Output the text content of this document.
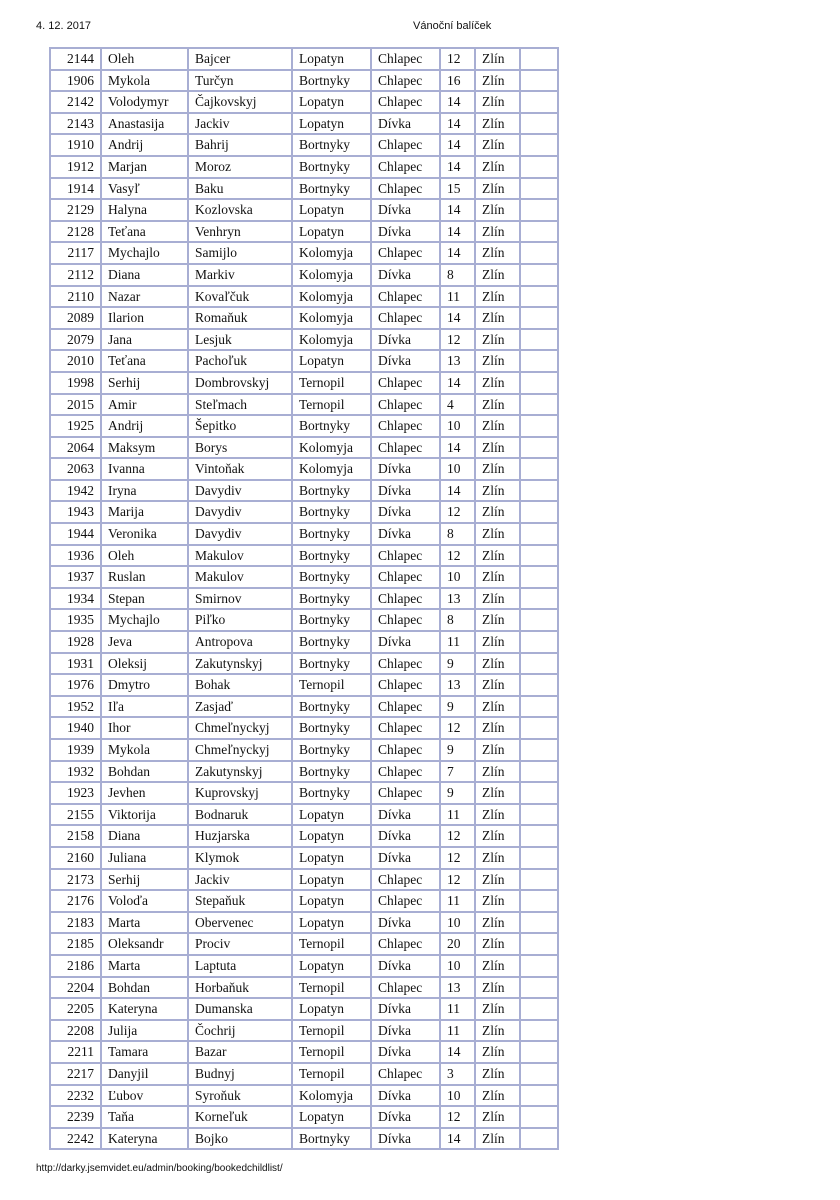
4. 12. 2017	Vánoční balíček
2144	Oleh	Bajcer	Lopatyn	Chlapec	12	Zlín	
1906	Mykola	Turčyn	Bortnyky	Chlapec	16	Zlín	
2142	Volodymyr	Čajkovskyj	Lopatyn	Chlapec	14	Zlín	
2143	Anastasija	Jackiv	Lopatyn	Dívka	14	Zlín	
1910	Andrij	Bahrij	Bortnyky	Chlapec	14	Zlín	
1912	Marjan	Moroz	Bortnyky	Chlapec	14	Zlín	
1914	Vasyľ	Baku	Bortnyky	Chlapec	15	Zlín	
2129	Halyna	Kozlovska	Lopatyn	Dívka	14	Zlín	
2128	Teťana	Venhryn	Lopatyn	Dívka	14	Zlín	
2117	Mychajlo	Samijlo	Kolomyja	Chlapec	14	Zlín	
2112	Diana	Markiv	Kolomyja	Dívka	8	Zlín	
2110	Nazar	Kovaľčuk	Kolomyja	Chlapec	11	Zlín	
2089	Ilarion	Romaňuk	Kolomyja	Chlapec	14	Zlín	
2079	Jana	Lesjuk	Kolomyja	Dívka	12	Zlín	
2010	Teťana	Pachoľuk	Lopatyn	Dívka	13	Zlín	
1998	Serhij	Dombrovskyj	Ternopil	Chlapec	14	Zlín	
2015	Amir	Steľmach	Ternopil	Chlapec	4	Zlín	
1925	Andrij	Šepitko	Bortnyky	Chlapec	10	Zlín	
2064	Maksym	Borys	Kolomyja	Chlapec	14	Zlín	
2063	Ivanna	Vintoňak	Kolomyja	Dívka	10	Zlín	
1942	Iryna	Davydiv	Bortnyky	Dívka	14	Zlín	
1943	Marija	Davydiv	Bortnyky	Dívka	12	Zlín	
1944	Veronika	Davydiv	Bortnyky	Dívka	8	Zlín	
1936	Oleh	Makulov	Bortnyky	Chlapec	12	Zlín	
1937	Ruslan	Makulov	Bortnyky	Chlapec	10	Zlín	
1934	Stepan	Smirnov	Bortnyky	Chlapec	13	Zlín	
1935	Mychajlo	Piľko	Bortnyky	Chlapec	8	Zlín	
1928	Jeva	Antropova	Bortnyky	Dívka	11	Zlín	
1931	Oleksij	Zakutynskyj	Bortnyky	Chlapec	9	Zlín	
1976	Dmytro	Bohak	Ternopil	Chlapec	13	Zlín	
1952	Iľa	Zasjaď	Bortnyky	Chlapec	9	Zlín	
1940	Ihor	Chmeľnyckyj	Bortnyky	Chlapec	12	Zlín	
1939	Mykola	Chmeľnyckyj	Bortnyky	Chlapec	9	Zlín	
1932	Bohdan	Zakutynskyj	Bortnyky	Chlapec	7	Zlín	
1923	Jevhen	Kuprovskyj	Bortnyky	Chlapec	9	Zlín	
2155	Viktorija	Bodnaruk	Lopatyn	Dívka	11	Zlín	
2158	Diana	Huzjarska	Lopatyn	Dívka	12	Zlín	
2160	Juliana	Klymok	Lopatyn	Dívka	12	Zlín	
2173	Serhij	Jackiv	Lopatyn	Chlapec	12	Zlín	
2176	Voloďa	Stepaňuk	Lopatyn	Chlapec	11	Zlín	
2183	Marta	Obervenec	Lopatyn	Dívka	10	Zlín	
2185	Oleksandr	Prociv	Ternopil	Chlapec	20	Zlín	
2186	Marta	Laptuta	Lopatyn	Dívka	10	Zlín	
2204	Bohdan	Horbaňuk	Ternopil	Chlapec	13	Zlín	
2205	Kateryna	Dumanska	Lopatyn	Dívka	11	Zlín	
2208	Julija	Čochrij	Ternopil	Dívka	11	Zlín	
2211	Tamara	Bazar	Ternopil	Dívka	14	Zlín	
2217	Danyjil	Budnyj	Ternopil	Chlapec	3	Zlín	
2232	Ľubov	Syroňuk	Kolomyja	Dívka	10	Zlín	
2239	Taňa	Korneľuk	Lopatyn	Dívka	12	Zlín	
2242	Kateryna	Bojko	Bortnyky	Dívka	14	Zlín	
http://darky.jsemvidet.eu/admin/booking/bookedchildlist/
